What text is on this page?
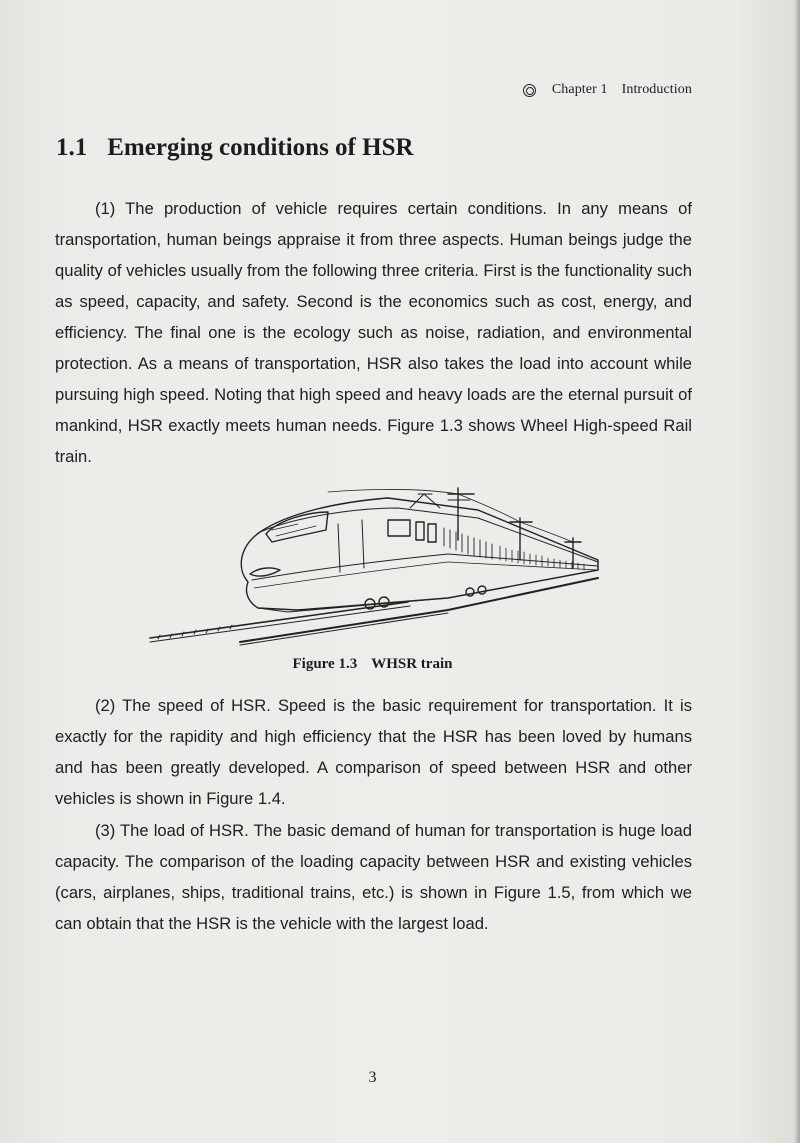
Chapter 1 Introduction
1.1 Emerging conditions of HSR

(1) The production of vehicle requires certain conditions. In any means of transportation, human beings appraise it from three aspects. Human beings judge the quality of vehicles usually from the following three criteria. First is the functionality such as speed, capacity, and safety. Second is the economics such as cost, energy, and efficiency. The final one is the ecology such as noise, radiation, and environmental protection. As a means of transportation, HSR also takes the load into account while pursuing high speed. Noting that high speed and heavy loads are the eternal pursuit of mankind, HSR exactly meets human needs. Figure 1.3 shows Wheel High-speed Rail train.

Figure 1.3 WHSR train

(2) The speed of HSR. Speed is the basic requirement for transportation. It is exactly for the rapidity and high efficiency that the HSR has been loved by humans and has been greatly developed. A comparison of speed between HSR and other vehicles is shown in Figure 1.4.

(3) The load of HSR. The basic demand of human for transportation is huge load capacity. The comparison of the loading capacity between HSR and existing vehicles (cars, airplanes, ships, traditional trains, etc.) is shown in Figure 1.5, from which we can obtain that the HSR is the vehicle with the largest load.

3
